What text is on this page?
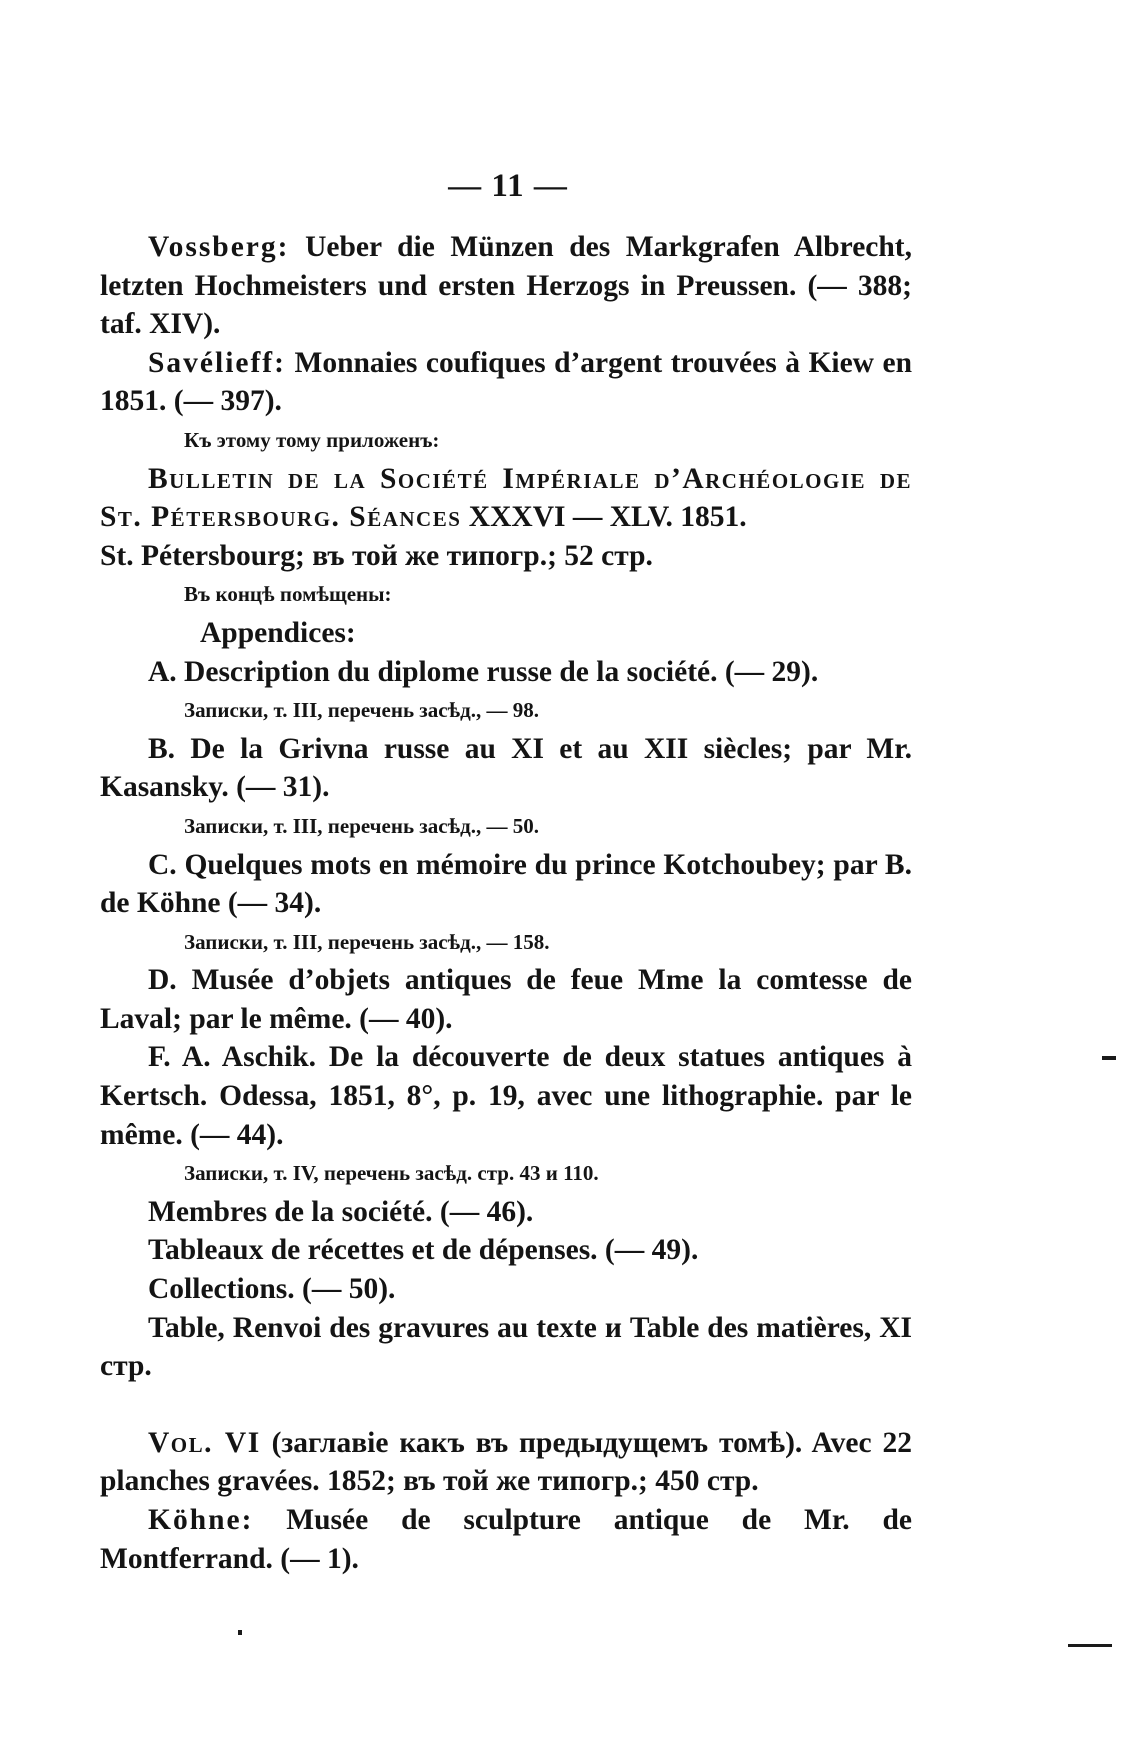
— 11 —

Vossberg: Ueber die Münzen des Markgrafen Albrecht, letzten Hochmeisters und ersten Herzogs in Preussen. (— 388; taf. XIV).

Savélieff: Monnaies coufiques d’argent trouvées à Kiew en 1851. (— 397).

Къ этому тому приложенъ:

Bulletin de la Société Impériale d’Archéologie de St. Pétersbourg. Séances XXXVI — XLV. 1851.

St. Pétersbourg; въ той же типогр.; 52 стр.

Въ концѣ помѣщены:

Appendices:

A. Description du diplome russe de la société. (— 29).

Записки, т. III, перечень засѣд., — 98.

B. De la Grivna russe au XI et au XII siècles; par Mr. Kasansky. (— 31).

Записки, т. III, перечень засѣд., — 50.

C. Quelques mots en mémoire du prince Kotchoubey; par B. de Köhne (— 34).

Записки, т. III, перечень засѣд., — 158.

D. Musée d’objets antiques de feue Mme la comtesse de Laval; par le même. (— 40).

F. A. Aschik. De la découverte de deux statues antiques à Kertsch. Odessa, 1851, 8°, p. 19, avec une lithographie. par le même. (— 44).

Записки, т. IV, перечень засѣд. стр. 43 и 110.

Membres de la société. (— 46).

Tableaux de récettes et de dépenses. (— 49).

Collections. (— 50).

Table, Renvoi des gravures au texte и Table des matières, XI стр.

Vol. VI (заглавіе какъ въ предыдущемъ томѣ). Avec 22 planches gravées. 1852; въ той же типогр.; 450 стр.

Köhne: Musée de sculpture antique de Mr. de Montferrand. (— 1).
